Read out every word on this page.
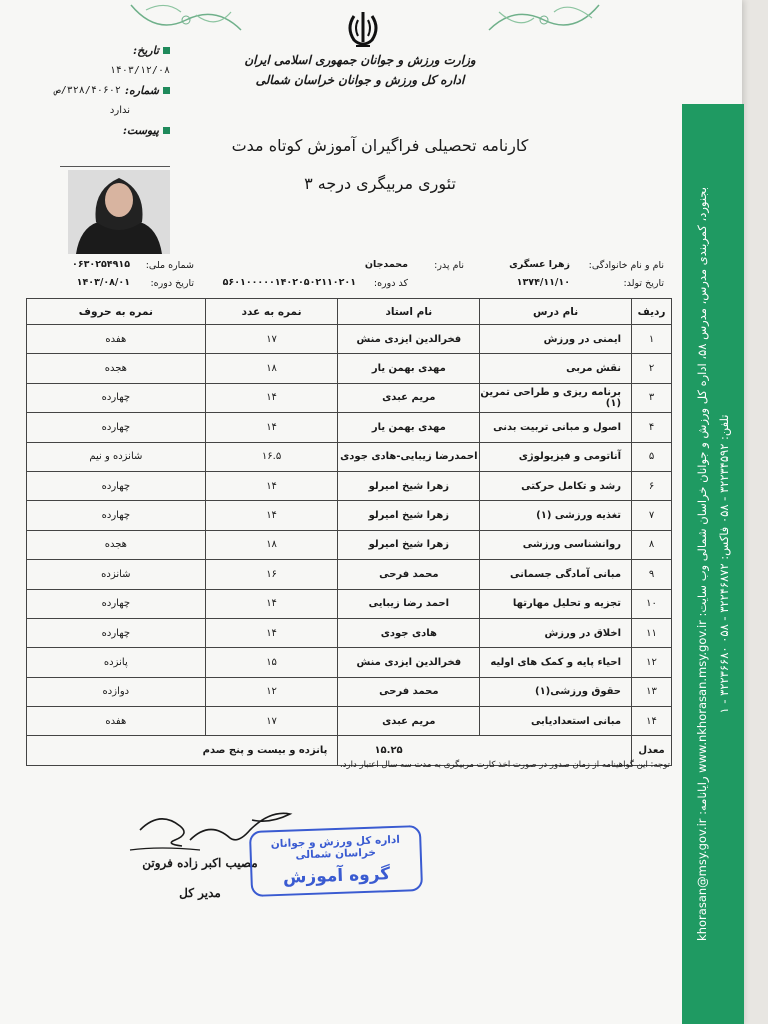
وزارت ورزش و جوانان جمهوری اسلامی ایران
اداره کل ورزش و جوانان خراسان شمالی
تاریخ:
۱۴۰۳/۱۲/۰۸
شماره:
۳۲۸/۴۰۶۰۲/ص
ندارد
پیوست:
کارنامه تحصیلی فراگیران آموزش کوتاه مدت
تئوری مربیگری درجه ۳
نام و نام خانوادگی:
زهرا عسگری
نام پدر:
محمدجان
شماره ملی:
۰۶۳۰۲۵۴۹۱۵
تاریخ تولد:
۱۳۷۴/۱۱/۱۰
کد دوره:
۵۶۰۱۰۰۰۰۰۱۴۰۲۰۵۰۲۱۱۰۲۰۱
تاریخ دوره:
۱۴۰۳/۰۸/۰۱
ردیف	نام درس	نام استاد	نمره به عدد	نمره به حروف
۱	ایمنی در ورزش	فخرالدین ایزدی منش	۱۷	هفده
۲	نقش مربی	مهدی بهمن یار	۱۸	هجده
۳	برنامه ریزی و طراحی تمرین (۱)	مریم عبدی	۱۴	چهارده
۴	اصول و مبانی تربیت بدنی	مهدی بهمن یار	۱۴	چهارده
۵	آناتومی و فیزیولوژی	احمدرضا زیبایی-هادی جودی	۱۶.۵	شانزده و نیم
۶	رشد و تکامل حرکتی	زهرا شیخ امیرلو	۱۴	چهارده
۷	تغذیه ورزشی (۱)	زهرا شیخ امیرلو	۱۴	چهارده
۸	روانشناسی ورزشی	زهرا شیخ امیرلو	۱۸	هجده
۹	مبانی آمادگی جسمانی	محمد فرحی	۱۶	شانزده
۱۰	تجزیه و تحلیل مهارتها	احمد رضا زیبایی	۱۴	چهارده
۱۱	اخلاق در ورزش	هادی جودی	۱۴	چهارده
۱۲	احیاء پایه و کمک های اولیه	فخرالدین ایزدی منش	۱۵	پانزده
۱۳	حقوق ورزشی(۱)	محمد فرحی	۱۲	دوازده
۱۴	مبانی استعدادیابی	مریم عبدی	۱۷	هفده
معدل	۱۵.۲۵		پانزده و بیست و پنج صدم	
توجه: این گواهینامه از زمان صدور در صورت اخذ کارت مربیگری به مدت سه سال اعتبار دارد.
مصیب اکبر زاده فروتن
مدیر کل
اداره کل ورزش و جوانان خراسان شمالی
گروه آموزش	بجنورد، کمربندی مدرس، مدرس ۵۸، اداره کل ورزش و جوانان خراسان شمالی وب سایت: www.nkhorasan.msy.gov.ir رایانامه: khorasan@msy.gov.ir
تلفن: ۳۲۲۳۴۵۹۲ - ۰۵۸ فاکس: ۳۲۲۴۶۸۷۲ - ۰۵۸ ۳۲۲۳۶۶۸۰ - ۱
